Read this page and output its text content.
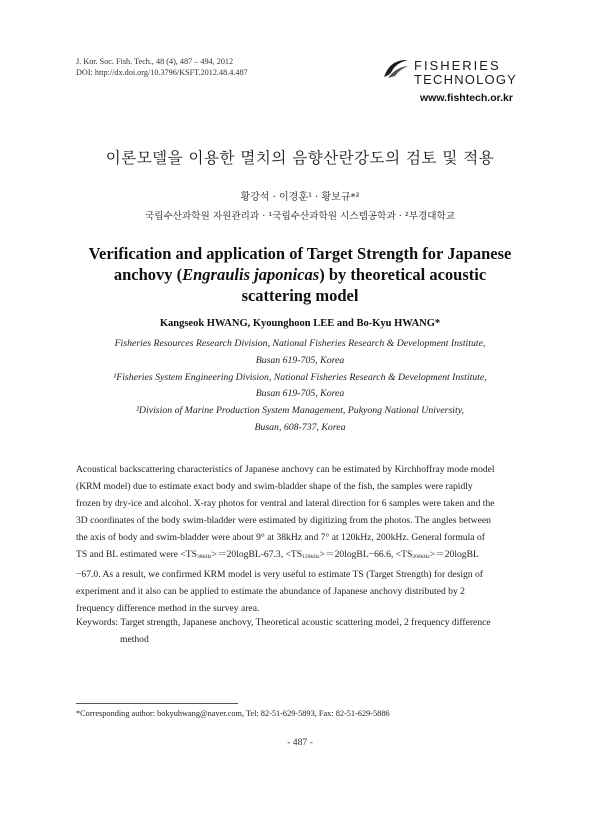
J. Kor. Soc. Fish. Tech., 48 (4), 487 – 494, 2012
DOI: http://dx.doi.org/10.3796/KSFT.2012.48.4.487	FISHERIES
TECHNOLOGY
www.fishtech.or.kr
이론모델을 이용한 멸치의 음향산란강도의 검토 및 적용
황강석 · 이경훈¹ · 황보규*²
국립수산과학원 자원관리과 · ¹국립수산과학원 시스템공학과 · ²부경대학교
Verification and application of Target Strength for Japanese
anchovy (Engraulis japonicas) by theoretical acoustic
scattering model
Kangseok HWANG, Kyounghoon LEE and Bo-Kyu HWANG*
Fisheries Resources Research Division, National Fisheries Research & Development Institute,
Busan 619-705, Korea
¹Fisheries System Engineering Division, National Fisheries Research & Development Institute,
Busan 619-705, Korea
²Division of Marine Production System Management, Pukyong National University,
Busan, 608-737, Korea
Acoustical backscattering characteristics of Japanese anchovy can be estimated by Kirchhoffray mode model
(KRM model) due to estimate exact body and swim-bladder shape of the fish, the samples were rapidly
frozen by dry-ice and alcohol. X-ray photos for ventral and lateral direction for 6 samples were taken and the
3D coordinates of the body swim-bladder were estimated by digitizing from the photos. The angles between
the axis of body and swim-bladder were about 9° at 38kHz and 7° at 120kHz, 200kHz. General formula of
TS and BL estimated were $<TS_{38kHz}>=20logBL-67.3$, $<TS_{120kHz}>=20logBL-66.6$, $<TS_{200kHz}>=20logBL$
−67.0. As a result, we confirmed KRM model is very useful to estimate TS (Target Strength) for design of
experiment and it also can be applied to estimate the abundance of Japanese anchovy distributed by 2
frequency difference method in the survey area.
Keywords: Target strength, Japanese anchovy, Theoretical acoustic scattering model, 2 frequency difference
method
*Corresponding author: bokyuhwang@naver.com, Tel: 82-51-629-5893, Fax: 82-51-629-5886
- 487 -
